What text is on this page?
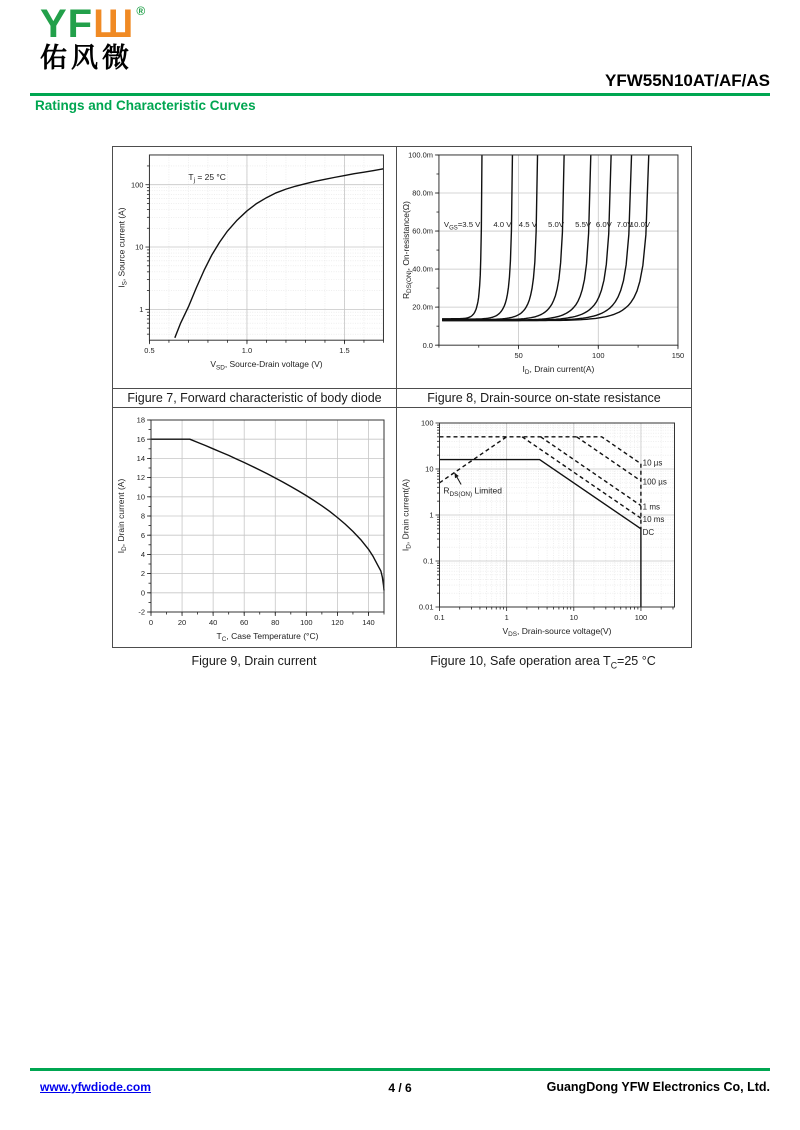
YFШ ®
佑风微
YFW55N10AT/AF/AS
Ratings and Characteristic Curves
$T_j = 25$ °C
0.5	1.0	1.5
1
10
100
$V_{SD}$, Source-Drain voltage (V)
$I_S$, Source current (A)	$V_{GS}=3.5$ V 4.0 V 4.5 V 5.0V 5.5V 6.0V 7.0V
10.0V
50	100	150
0.0
20.0m
40.0m
60.0m
80.0m
100.0m
$I_D$, Drain current(A)
$R_{DS(ON)}$, On-resistance(Ω)
Figure 7, Forward characteristic of body diode	Figure 8, Drain-source on-state resistance
0	20	40	60	80	100 120 140
-2
0
2
4
6
8
10
12
14
16
18
$T_C$, Case Temperature (°C)
$I_D$, Drain current (A)
10 µs
100 µs
1 ms
10 ms
DC
$R_{DS(ON)}$ Limited
0.1	1	10	100
0.01
0.1
1
10
100
$V_{DS}$, Drain-source voltage(V)
$I_D$, Drain current(A)
Figure 9, Drain current	Figure 10, Safe operation area $T_C=25$ °C
www.yfwdiode.com	4 / 6	GuangDong YFW Electronics Co, Ltd.
